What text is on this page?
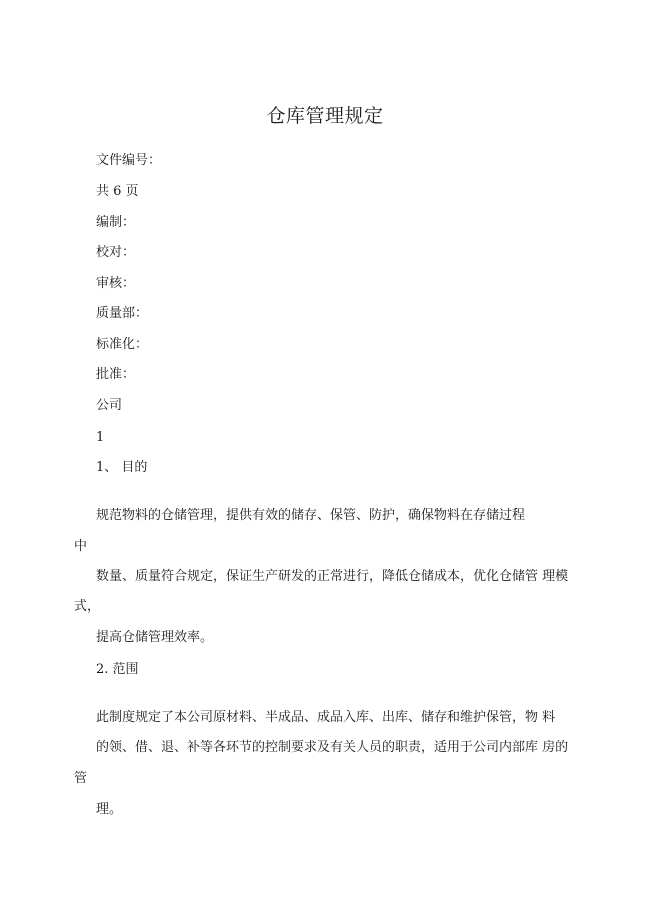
仓库管理规定
文件编号：
共 6 页
编制：
校对：
审核：
质量部：
标准化：
批准：
公司
1
1、 目的
规范物料的仓储管理，提供有效的储存、保管、防护，确保物料在存储过程
中
数量、质量符合规定，保证生产研发的正常进行，降低仓储成本，优化仓储管 理模
式，
提高仓储管理效率。
2. 范围
此制度规定了本公司原材料、半成品、成品入库、出库、储存和维护保管，物 料
的领、借、退、补等各环节的控制要求及有关人员的职责，适用于公司内部库 房的
管
理。
